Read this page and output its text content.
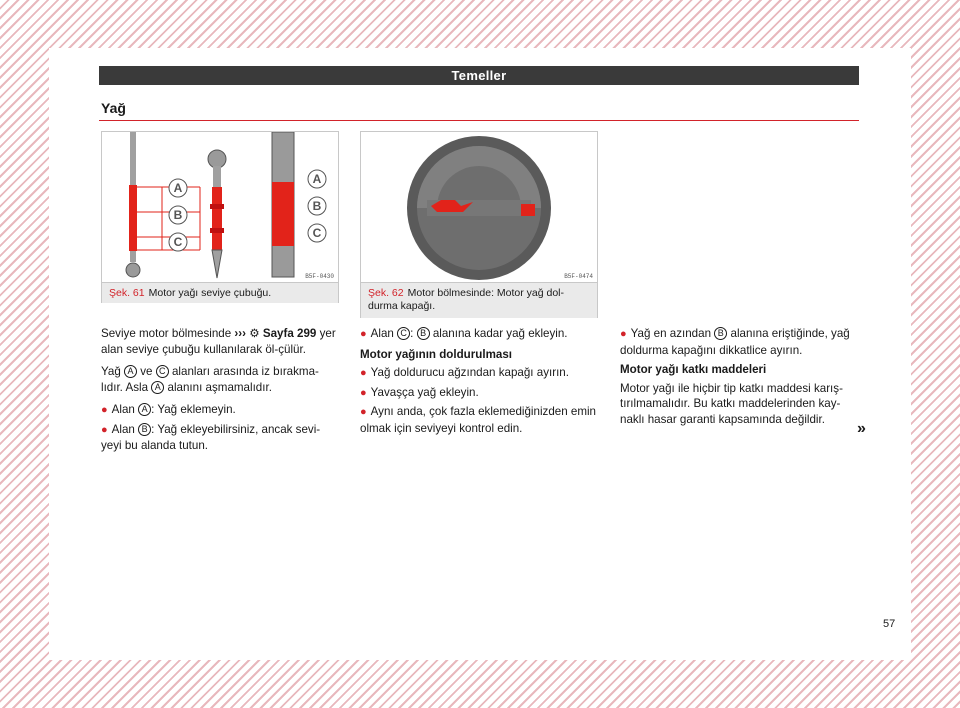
Temeller
Yağ
A
B
C
A
B
C
B5F-0430
Şek. 61 Motor yağı seviye çubuğu.
B5F-0474
Şek. 62 Motor bölmesinde: Motor yağ dol-durma kapağı.

Seviye motor bölmesinde ››› ⚙ Sayfa 299 yer alan seviye çubuğu kullanılarak öl-çülür.

Yağ A ve C alanları arasında iz bırakma-lıdır. Asla A alanını aşmamalıdır.

● Alan A : Yağ eklemeyin.

● Alan B : Yağ ekleyebilirsiniz, ancak sevi-yeyi bu alanda tutun.

● Alan C : B alanına kadar yağ ekleyin.

Motor yağının doldurulması

● Yağ doldurucu ağzından kapağı ayırın.

● Yavaşça yağ ekleyin.

● Aynı anda, çok fazla eklemediğinizden emin olmak için seviyeyi kontrol edin.

● Yağ en azından B alanına eriştiğinde, yağ doldurma kapağını dikkatlice ayırın.

Motor yağı katkı maddeleri

Motor yağı ile hiçbir tip katkı maddesi karış-tırılmamalıdır. Bu katkı maddelerinden kay-naklı hasar garanti kapsamında değildir.

»
57
